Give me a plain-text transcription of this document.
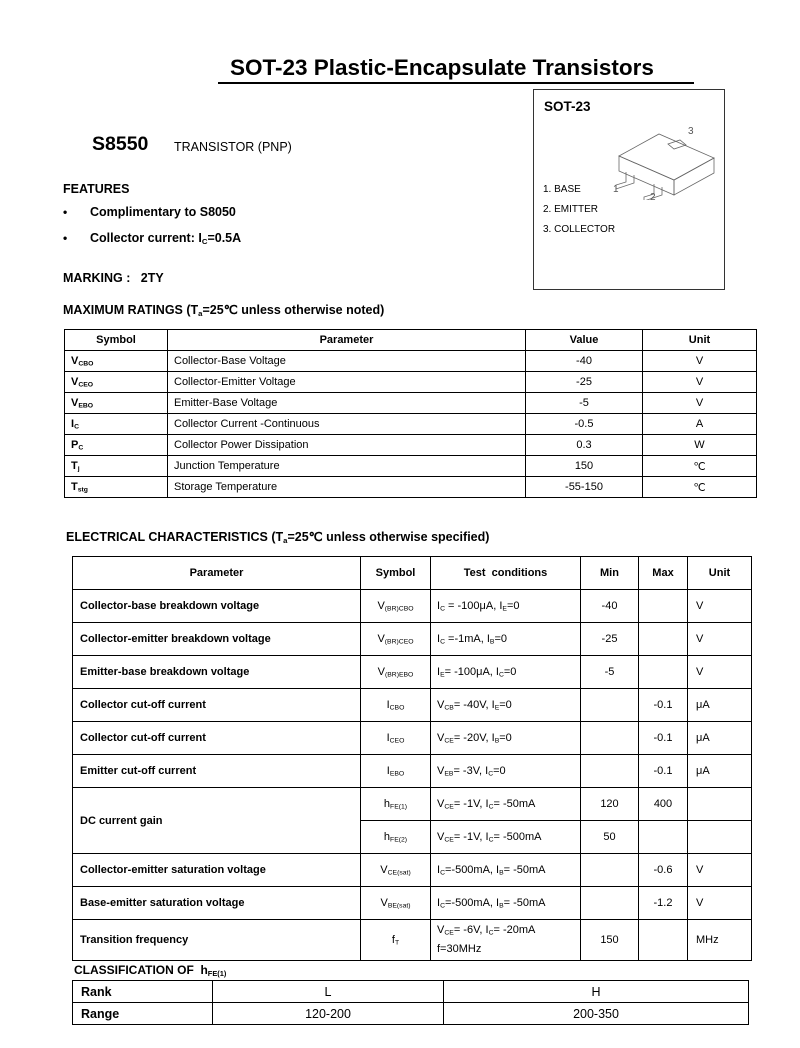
SOT-23 Plastic-Encapsulate Transistors
SOT-23
3
1
2
1. BASE
2. EMITTER
3. COLLECTOR
S8550 TRANSISTOR (PNP)
FEATURES
• Complimentary to S8050
• Collector current: $I_C=0.5A$
MARKING : 2TY
MAXIMUM RATINGS ($T_a=25℃$ unless otherwise noted)
Symbol	Parameter	Value	Unit
$V_{CBO}$	Collector-Base Voltage	-40	V
$V_{CEO}$	Collector-Emitter Voltage	-25	V
$V_{EBO}$	Emitter-Base Voltage	-5	V
$I_C$	Collector Current -Continuous	-0.5	A
$P_C$	Collector Power Dissipation	0.3	W
$T_j$	Junction Temperature	150	℃
$T_{stg}$	Storage Temperature	-55-150	℃
ELECTRICAL CHARACTERISTICS ($T_a=25℃$ unless otherwise specified)
Parameter	Symbol	Test  conditions	Min	Max	Unit
Collector-base breakdown voltage	$V_{(BR)CBO}$	$I_C = -100\mu A$, $I_E=0$	-40		V
Collector-emitter breakdown voltage	$V_{(BR)CEO}$	$I_C =-1mA$, $I_B=0$	-25		V
Emitter-base breakdown voltage	$V_{(BR)EBO}$	$I_E= -100\mu A$, $I_C=0$	-5		V
Collector cut-off current	$I_{CBO}$	$V_{CB}= -40V$, $I_E=0$		-0.1	μA
Collector cut-off current	$I_{CEO}$	$V_{CE}= -20V$, $I_B=0$		-0.1	μA
Emitter cut-off current	$I_{EBO}$	$V_{EB}= -3V$, $I_C=0$		-0.1	μA
DC current gain	$h_{FE(1)}$	$V_{CE}= -1V$, $I_C= -50mA$	120	400	
	$h_{FE(2)}$	$V_{CE}= -1V$, $I_C= -500mA$	50		
Collector-emitter saturation voltage	$V_{CE(sat)}$	$I_C=-500mA$, $I_B= -50mA$		-0.6	V
Base-emitter saturation voltage	$V_{BE(sat)}$	$I_C=-500mA$, $I_B= -50mA$		-1.2	V
Transition frequency	$f_T$	$V_{CE}= -6V$, $I_C= -20mA$
f=30MHz	150		MHz
CLASSIFICATION OF  $h_{FE(1)}$
Rank	L	H
Range	120-200	200-350
